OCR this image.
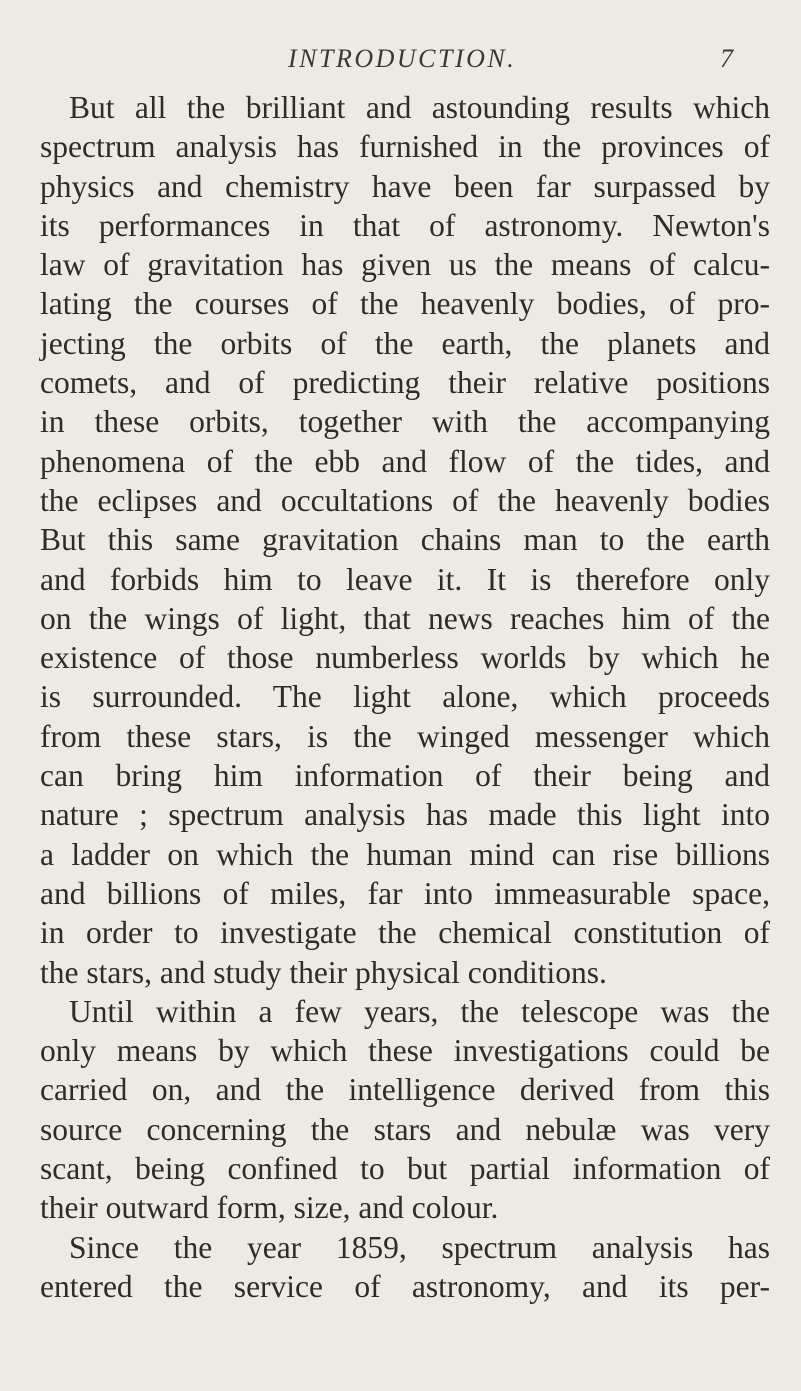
INTRODUCTION.	7
But all the brilliant and astounding results which
spectrum analysis has furnished in the provinces of
physics and chemistry have been far surpassed by
its performances in that of astronomy. Newton's
law of gravitation has given us the means of calcu-
lating the courses of the heavenly bodies, of pro-
jecting the orbits of the earth, the planets and
comets, and of predicting their relative positions
in these orbits, together with the accompanying
phenomena of the ebb and flow of the tides, and
the eclipses and occultations of the heavenly bodies
But this same gravitation chains man to the earth
and forbids him to leave it. It is therefore only
on the wings of light, that news reaches him of the
existence of those numberless worlds by which he
is surrounded. The light alone, which proceeds
from these stars, is the winged messenger which
can bring him information of their being and
nature ; spectrum analysis has made this light into
a ladder on which the human mind can rise billions
and billions of miles, far into immeasurable space,
in order to investigate the chemical constitution of
the stars, and study their physical conditions.
Until within a few years, the telescope was the
only means by which these investigations could be
carried on, and the intelligence derived from this
source concerning the stars and nebulæ was very
scant, being confined to but partial information of
their outward form, size, and colour.
Since the year 1859, spectrum analysis has
entered the service of astronomy, and its per-
